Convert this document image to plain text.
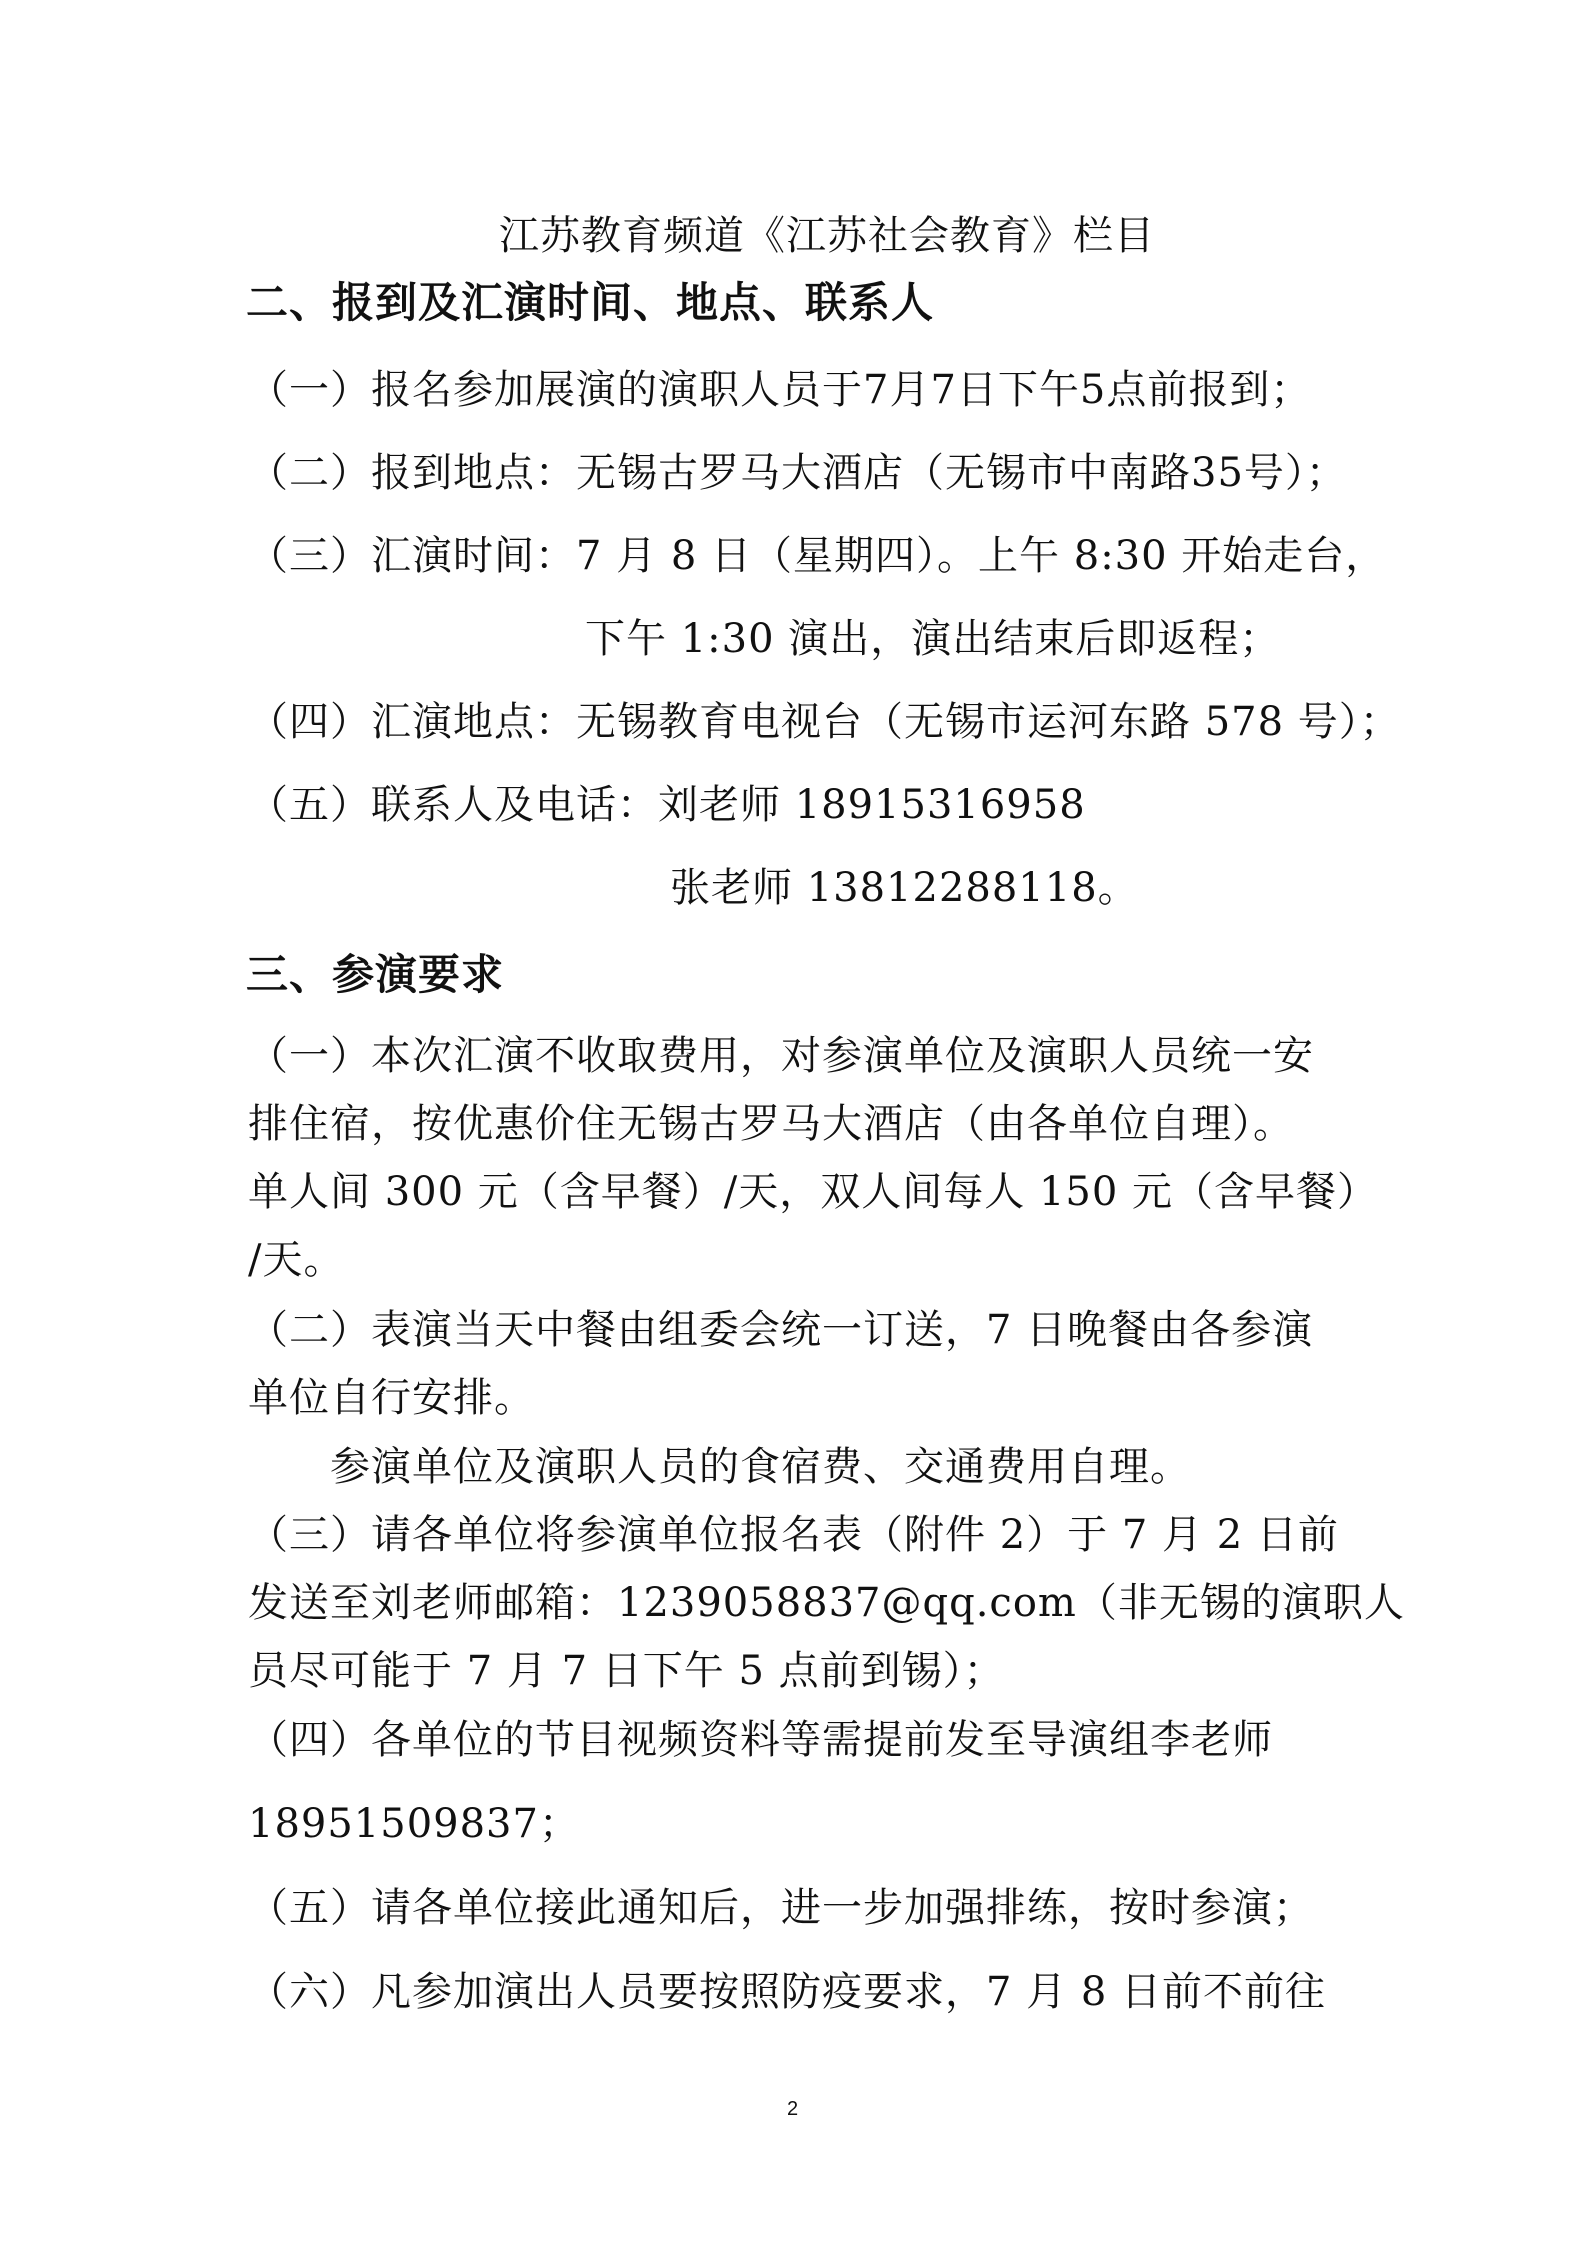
江苏教育频道《江苏社会教育》栏目
二、报到及汇演时间、地点、联系人
（一）报名参加展演的演职人员于7月7日下午5点前报到；
（二）报到地点：无锡古罗马大酒店（无锡市中南路35号）；
（三）汇演时间：7 月 8 日（星期四）。上午 8:30 开始走台，
下午 1:30 演出，演出结束后即返程；
（四）汇演地点：无锡教育电视台（无锡市运河东路 578 号）；
（五）联系人及电话：刘老师 18915316958
张老师 13812288118。
三、参演要求
（一）本次汇演不收取费用，对参演单位及演职人员统一安
排住宿，按优惠价住无锡古罗马大酒店（由各单位自理）。
单人间 300 元（含早餐）/天，双人间每人 150 元（含早餐）
/天。
（二）表演当天中餐由组委会统一订送，7 日晚餐由各参演
单位自行安排。
参演单位及演职人员的食宿费、交通费用自理。
（三）请各单位将参演单位报名表（附件 2）于 7 月 2 日前
发送至刘老师邮箱：1239058837@qq.com（非无锡的演职人
员尽可能于 7 月 7 日下午 5 点前到锡）；
（四）各单位的节目视频资料等需提前发至导演组李老师
18951509837；
（五）请各单位接此通知后，进一步加强排练，按时参演；
（六）凡参加演出人员要按照防疫要求，7 月 8 日前不前往
2
